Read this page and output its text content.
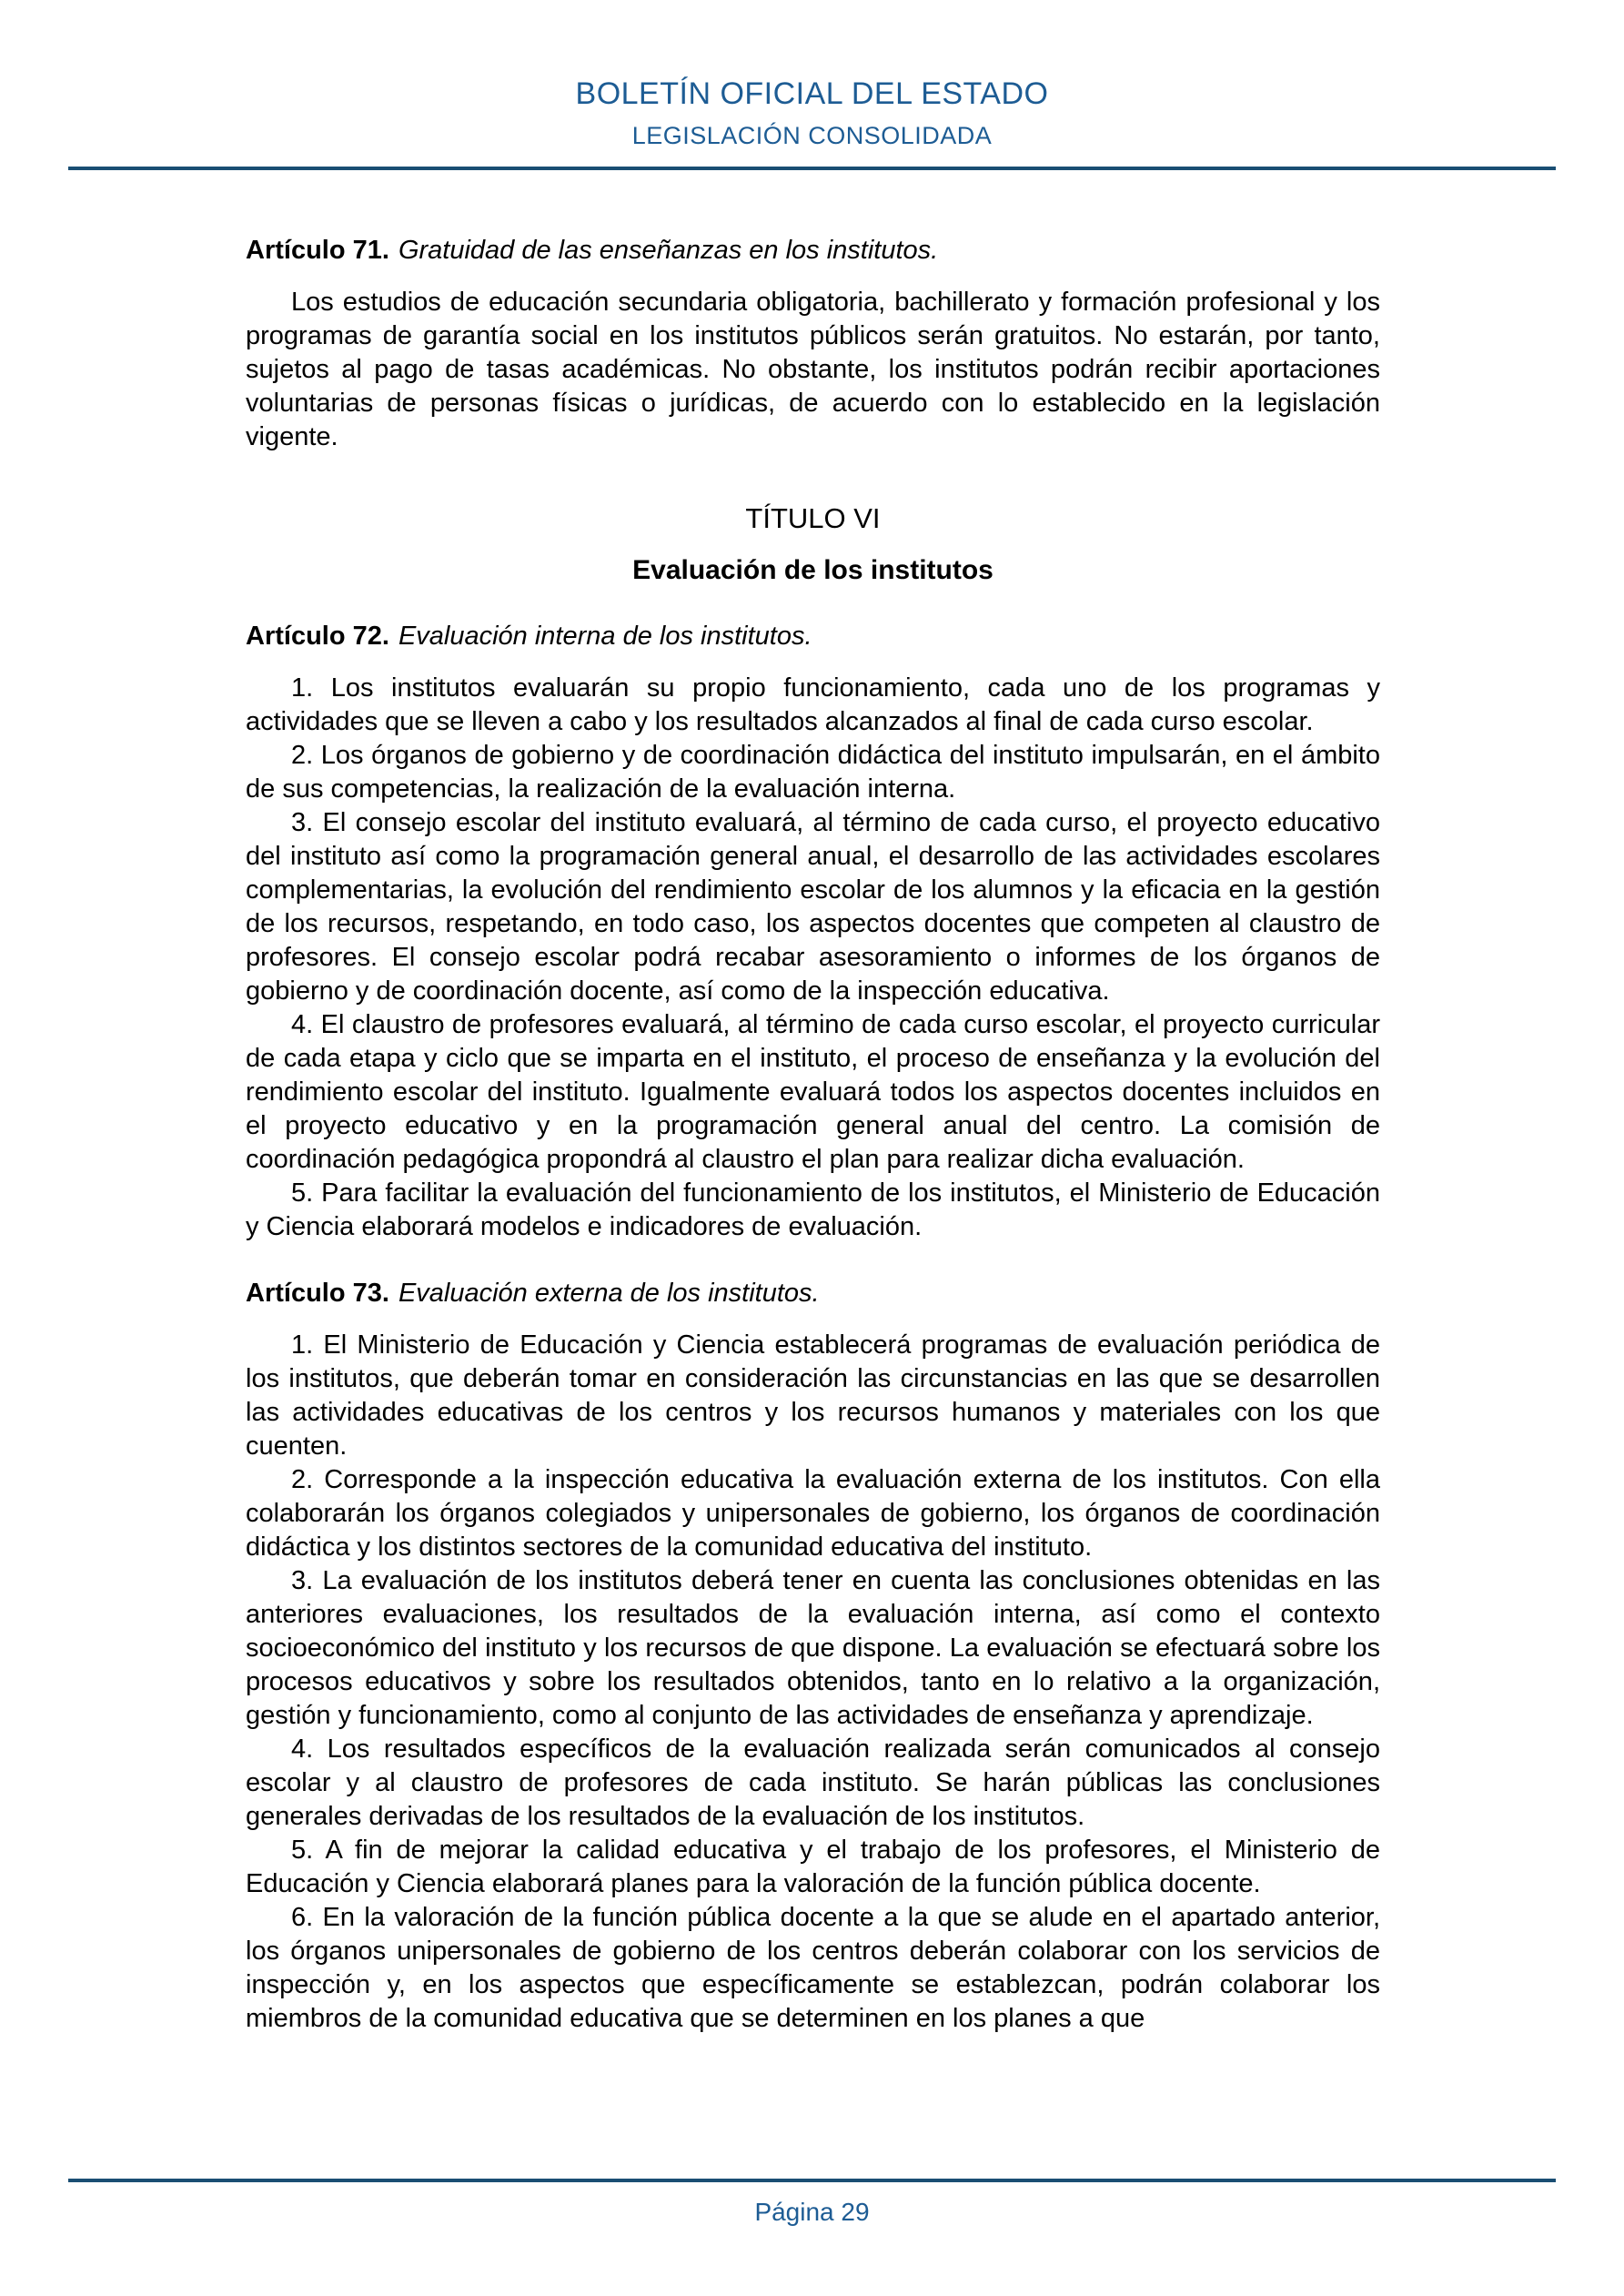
BOLETÍN OFICIAL DEL ESTADO
LEGISLACIÓN CONSOLIDADA
Artículo 71. Gratuidad de las enseñanzas en los institutos.

Los estudios de educación secundaria obligatoria, bachillerato y formación profesional y los programas de garantía social en los institutos públicos serán gratuitos. No estarán, por tanto, sujetos al pago de tasas académicas. No obstante, los institutos podrán recibir aportaciones voluntarias de personas físicas o jurídicas, de acuerdo con lo establecido en la legislación vigente.

TÍTULO VI
Evaluación de los institutos
Artículo 72. Evaluación interna de los institutos.

1. Los institutos evaluarán su propio funcionamiento, cada uno de los programas y actividades que se lleven a cabo y los resultados alcanzados al final de cada curso escolar.

2. Los órganos de gobierno y de coordinación didáctica del instituto impulsarán, en el ámbito de sus competencias, la realización de la evaluación interna.

3. El consejo escolar del instituto evaluará, al término de cada curso, el proyecto educativo del instituto así como la programación general anual, el desarrollo de las actividades escolares complementarias, la evolución del rendimiento escolar de los alumnos y la eficacia en la gestión de los recursos, respetando, en todo caso, los aspectos docentes que competen al claustro de profesores. El consejo escolar podrá recabar asesoramiento o informes de los órganos de gobierno y de coordinación docente, así como de la inspección educativa.

4. El claustro de profesores evaluará, al término de cada curso escolar, el proyecto curricular de cada etapa y ciclo que se imparta en el instituto, el proceso de enseñanza y la evolución del rendimiento escolar del instituto. Igualmente evaluará todos los aspectos docentes incluidos en el proyecto educativo y en la programación general anual del centro. La comisión de coordinación pedagógica propondrá al claustro el plan para realizar dicha evaluación.

5. Para facilitar la evaluación del funcionamiento de los institutos, el Ministerio de Educación y Ciencia elaborará modelos e indicadores de evaluación.

Artículo 73. Evaluación externa de los institutos.

1. El Ministerio de Educación y Ciencia establecerá programas de evaluación periódica de los institutos, que deberán tomar en consideración las circunstancias en las que se desarrollen las actividades educativas de los centros y los recursos humanos y materiales con los que cuenten.

2. Corresponde a la inspección educativa la evaluación externa de los institutos. Con ella colaborarán los órganos colegiados y unipersonales de gobierno, los órganos de coordinación didáctica y los distintos sectores de la comunidad educativa del instituto.

3. La evaluación de los institutos deberá tener en cuenta las conclusiones obtenidas en las anteriores evaluaciones, los resultados de la evaluación interna, así como el contexto socioeconómico del instituto y los recursos de que dispone. La evaluación se efectuará sobre los procesos educativos y sobre los resultados obtenidos, tanto en lo relativo a la organización, gestión y funcionamiento, como al conjunto de las actividades de enseñanza y aprendizaje.

4. Los resultados específicos de la evaluación realizada serán comunicados al consejo escolar y al claustro de profesores de cada instituto. Se harán públicas las conclusiones generales derivadas de los resultados de la evaluación de los institutos.

5. A fin de mejorar la calidad educativa y el trabajo de los profesores, el Ministerio de Educación y Ciencia elaborará planes para la valoración de la función pública docente.

6. En la valoración de la función pública docente a la que se alude en el apartado anterior, los órganos unipersonales de gobierno de los centros deberán colaborar con los servicios de inspección y, en los aspectos que específicamente se establezcan, podrán colaborar los miembros de la comunidad educativa que se determinen en los planes a que

Página 29
